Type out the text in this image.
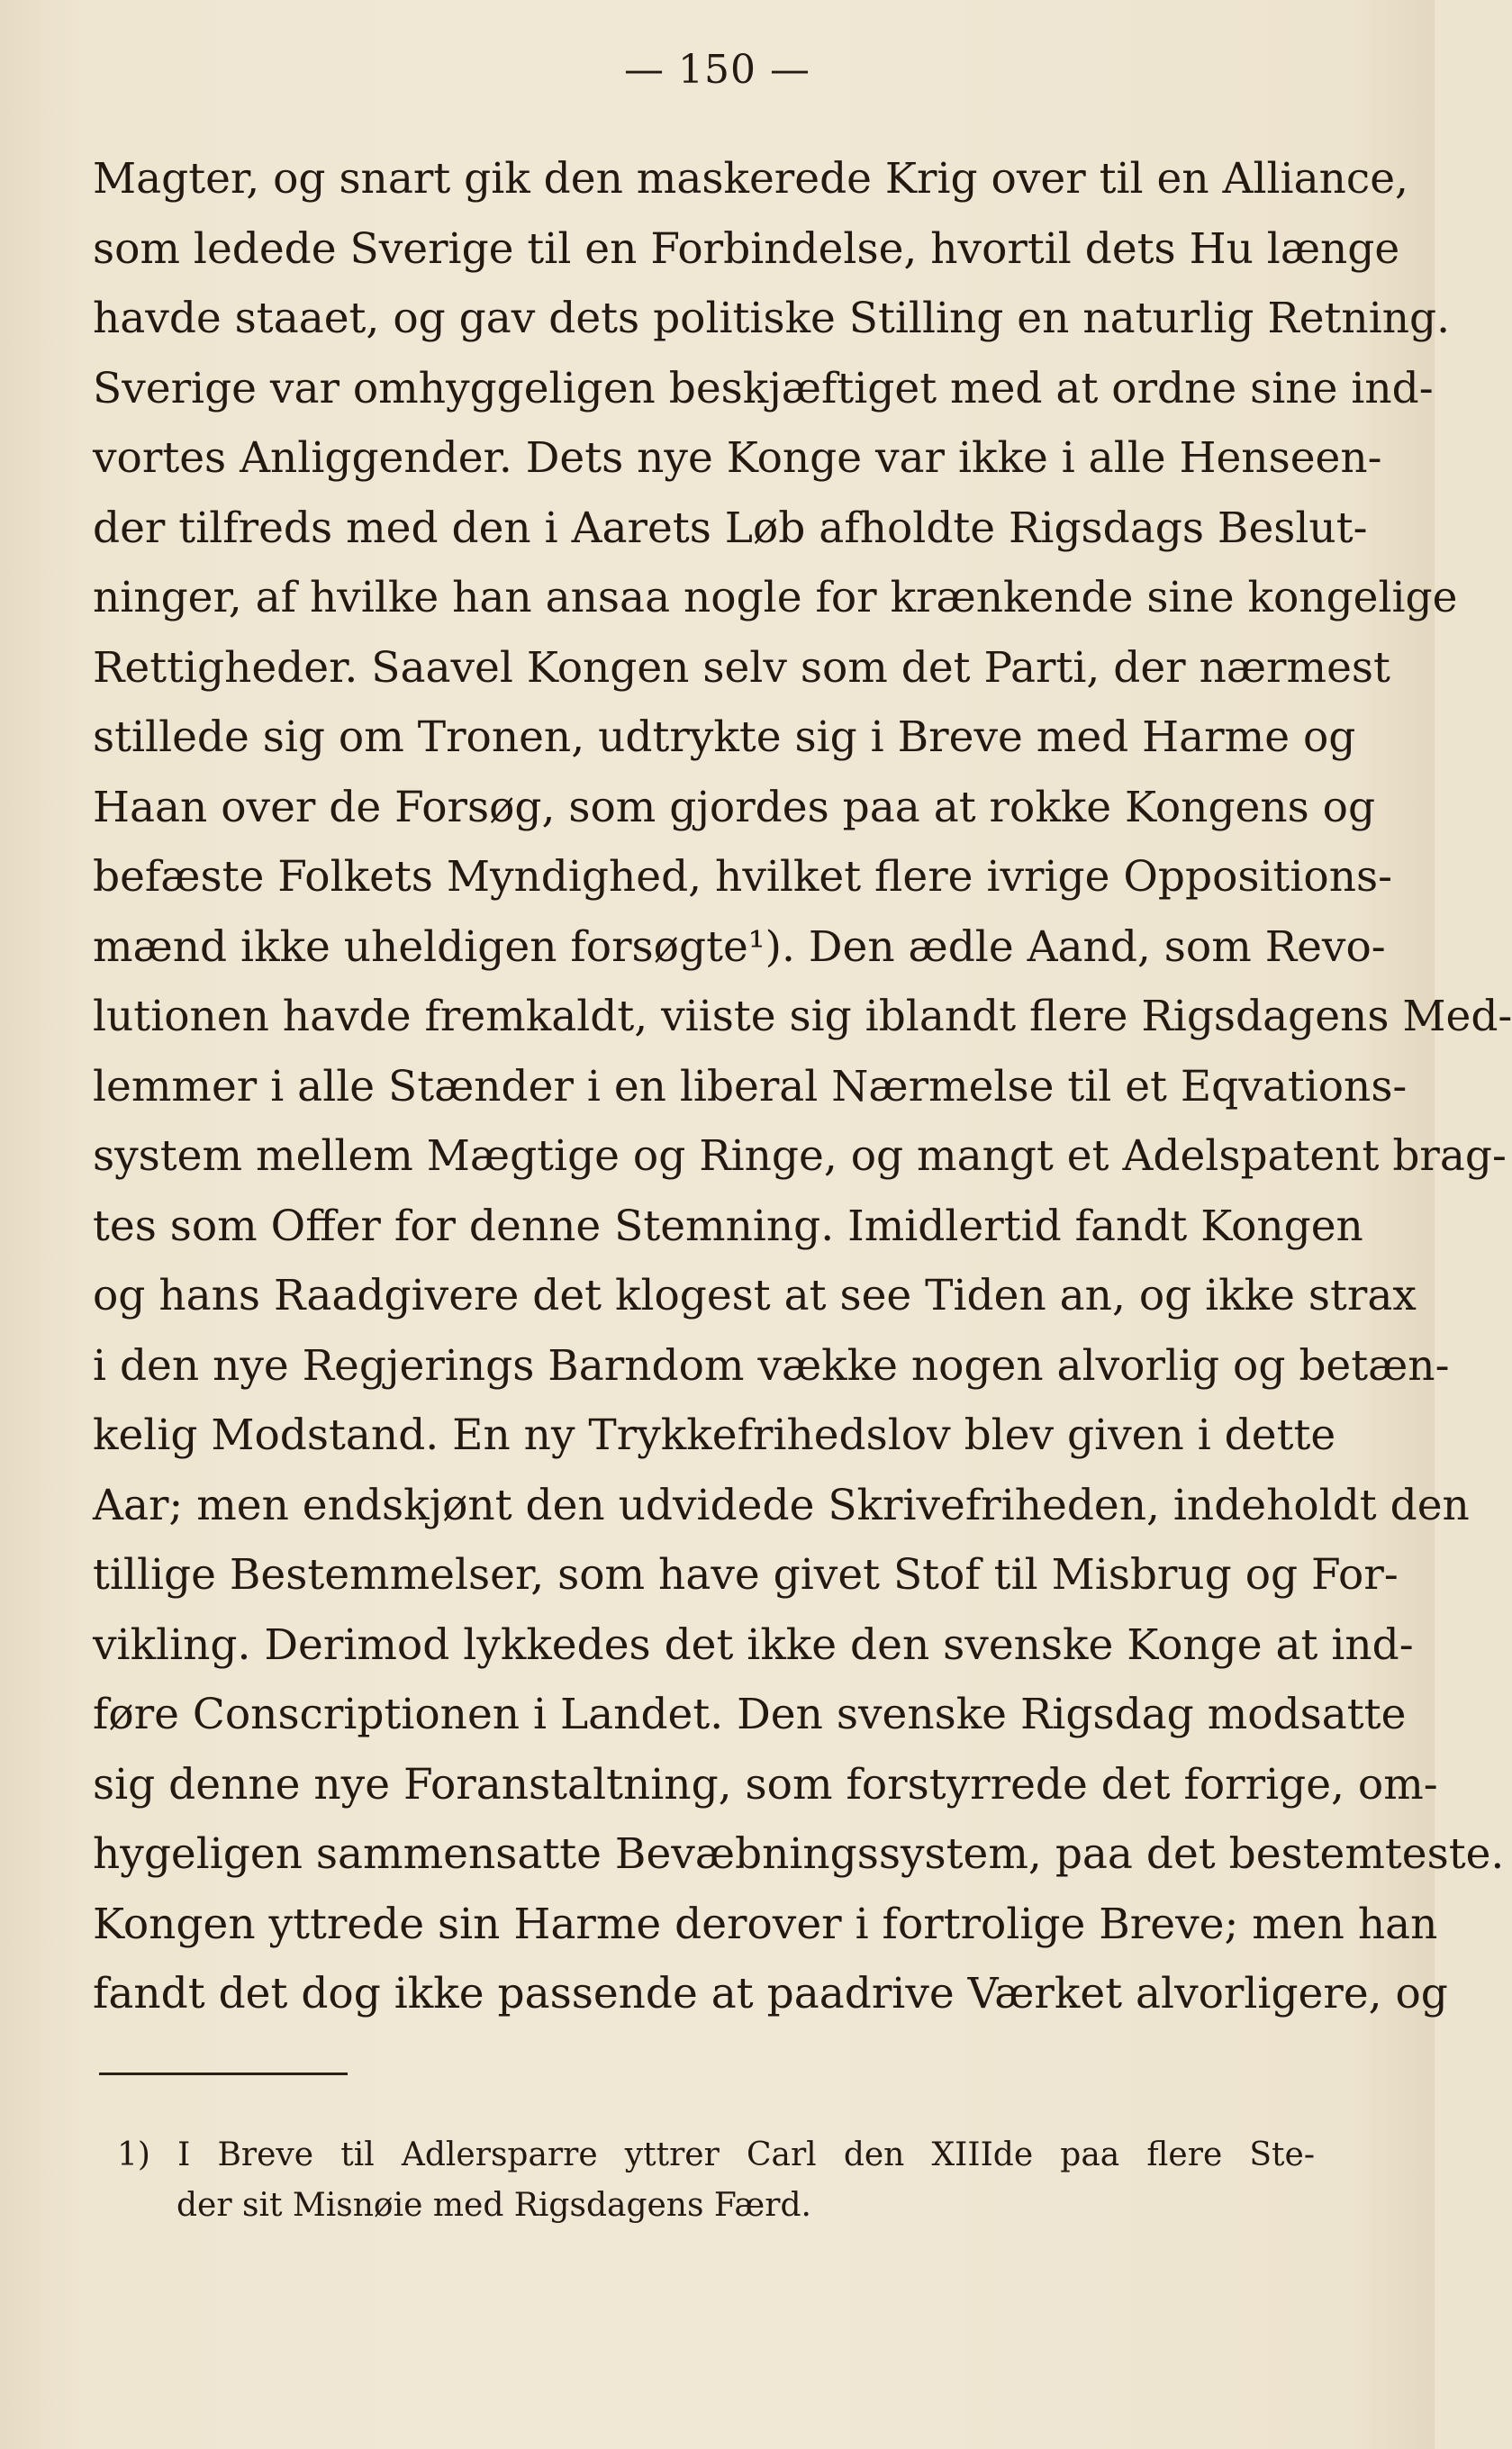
— 150 —
Magter, og snart gik den maskerede Krig over til en Alliance,
som ledede Sverige til en Forbindelse, hvortil dets Hu længe
havde staaet, og gav dets politiske Stilling en naturlig Retning.
Sverige var omhyggeligen beskjæftiget med at ordne sine ind-
vortes Anliggender. Dets nye Konge var ikke i alle Henseen-
der tilfreds med den i Aarets Løb afholdte Rigsdags Beslut-
ninger, af hvilke han ansaa nogle for krænkende sine kongelige
Rettigheder. Saavel Kongen selv som det Parti, der nærmest
stillede sig om Tronen, udtrykte sig i Breve med Harme og
Haan over de Forsøg, som gjordes paa at rokke Kongens og
befæste Folkets Myndighed, hvilket flere ivrige Oppositions-
mænd ikke uheldigen forsøgte¹). Den ædle Aand, som Revo-
lutionen havde fremkaldt, viiste sig iblandt flere Rigsdagens Med-
lemmer i alle Stænder i en liberal Nærmelse til et Eqvations-
system mellem Mægtige og Ringe, og mangt et Adelspatent brag-
tes som Offer for denne Stemning. Imidlertid fandt Kongen
og hans Raadgivere det klogest at see Tiden an, og ikke strax
i den nye Regjerings Barndom vække nogen alvorlig og betæn-
kelig Modstand. En ny Trykkefrihedslov blev given i dette
Aar; men endskjønt den udvidede Skrivefriheden, indeholdt den
tillige Bestemmelser, som have givet Stof til Misbrug og For-
vikling. Derimod lykkedes det ikke den svenske Konge at ind-
føre Conscriptionen i Landet. Den svenske Rigsdag modsatte
sig denne nye Foranstaltning, som forstyrrede det forrige, om-
hygeligen sammensatte Bevæbningssystem, paa det bestemteste.
Kongen yttrede sin Harme derover i fortrolige Breve; men han
fandt det dog ikke passende at paadrive Værket alvorligere, og
1) I Breve til Adlersparre yttrer Carl den XIIIde paa flere Ste-
der sit Misnøie med Rigsdagens Færd.
